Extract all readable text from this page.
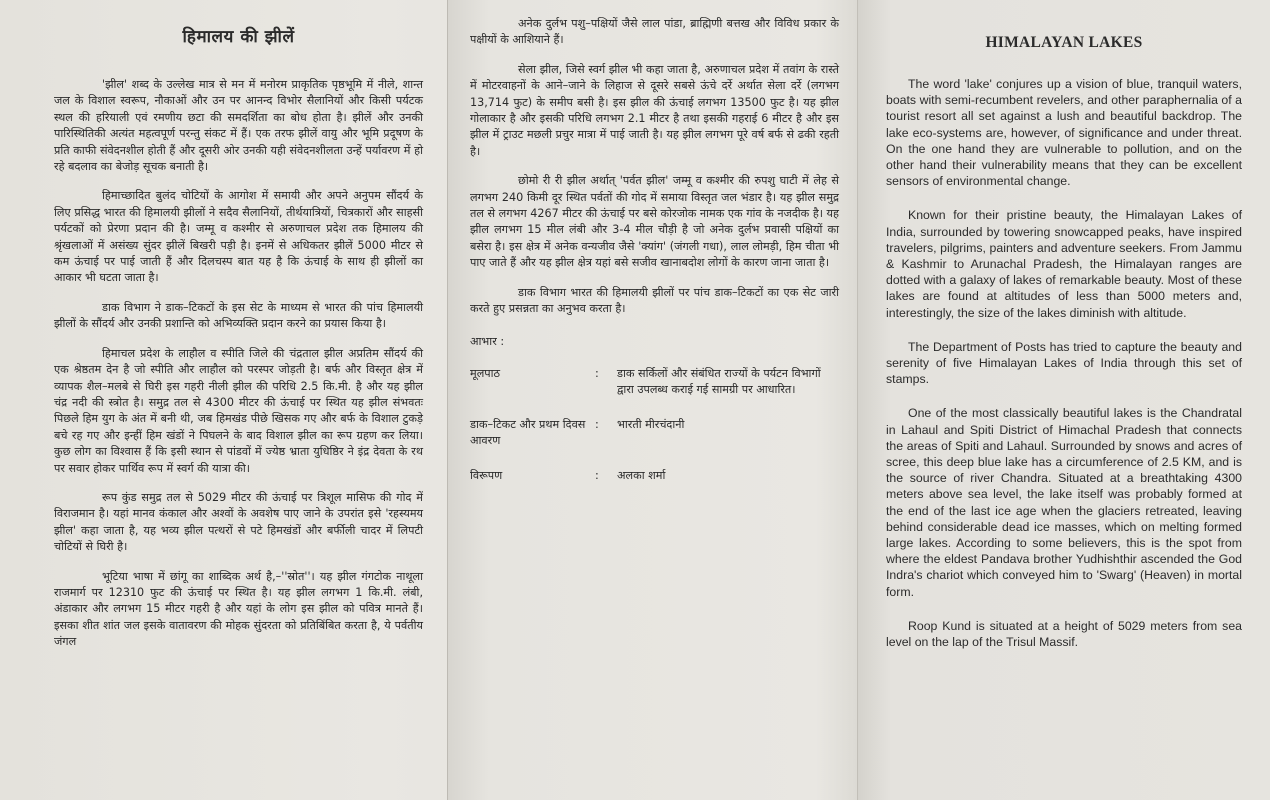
हिमालय की झीलें

'झील' शब्द के उल्लेख मात्र से मन में मनोरम प्राकृतिक पृष्ठभूमि में नीले, शान्त जल के विशाल स्वरूप, नौकाओं और उन पर आनन्द विभोर सैलानियों और किसी पर्यटक स्थल की हरियाली एवं रमणीय छटा की समदर्शिता का बोध होता है। झीलें और उनकी पारिस्थितिकी अत्यंत महत्वपूर्ण परन्तु संकट में हैं। एक तरफ झीलें वायु और भूमि प्रदूषण के प्रति काफी संवेदनशील होती हैं और दूसरी ओर उनकी यही संवेदनशीलता उन्हें पर्यावरण में हो रहे बदलाव का बेजोड़ सूचक बनाती है।

हिमाच्छादित बुलंद चोटियों के आगोश में समायी और अपने अनुपम सौंदर्य के लिए प्रसिद्ध भारत की हिमालयी झीलों ने सदैव सैलानियों, तीर्थयात्रियों, चित्रकारों और साहसी पर्यटकों को प्रेरणा प्रदान की है। जम्मू व कश्मीर से अरुणाचल प्रदेश तक हिमालय की श्रृंखलाओं में असंख्य सुंदर झीलें बिखरी पड़ी है। इनमें से अधिकतर झीलें 5000 मीटर से कम ऊंचाई पर पाई जाती हैं और दिलचस्प बात यह है कि ऊंचाई के साथ ही झीलों का आकार भी घटता जाता है।

डाक विभाग ने डाक–टिकटों के इस सेट के माध्यम से भारत की पांच हिमालयी झीलों के सौंदर्य और उनकी प्रशान्ति को अभिव्यक्ति प्रदान करने का प्रयास किया है।

हिमाचल प्रदेश के लाहौल व स्पीति जिले की चंद्रताल झील अप्रतिम सौंदर्य की एक श्रेष्ठतम देन है जो स्पीति और लाहौल को परस्पर जोड़ती है। बर्फ और विस्तृत क्षेत्र में व्यापक शैल–मलबे से घिरी इस गहरी नीली झील की परिधि 2.5 कि.मी. है और यह झील चंद्र नदी की स्त्रोत है। समुद्र तल से 4300 मीटर की ऊंचाई पर स्थित यह झील संभवतः पिछले हिम युग के अंत में बनी थी, जब हिमखंड पीछे खिसक गए और बर्फ के विशाल टुकड़े बचे रह गए और इन्हीं हिम खंडों ने पिघलने के बाद विशाल झील का रूप ग्रहण कर लिया। कुछ लोग का विश्वास हैं कि इसी स्थान से पांडवों में ज्येष्ठ भ्राता युधिष्ठिर ने इंद्र देवता के रथ पर सवार होकर पार्थिव रूप में स्वर्ग की यात्रा की।

रूप कुंड समुद्र तल से 5029 मीटर की ऊंचाई पर त्रिशूल मासिफ की गोद में विराजमान है। यहां मानव कंकाल और अश्वों के अवशेष पाए जाने के उपरांत इसे 'रहस्यमय झील' कहा जाता है, यह भव्य झील पत्थरों से पटे हिमखंडों और बर्फीली चादर में लिपटी चोटियों से घिरी है।

भूटिया भाषा में छांगू का शाब्दिक अर्थ है,–''स्रोत''। यह झील गंगटोक नाथूला राजमार्ग पर 12310 फुट की ऊंचाई पर स्थित है। यह झील लगभग 1 कि.मी. लंबी, अंडाकार और लगभग 15 मीटर गहरी है और यहां के लोग इस झील को पवित्र मानते हैं। इसका शीत शांत जल इसके वातावरण की मोहक सुंदरता को प्रतिबिंबित करता है, ये पर्वतीय जंगल

अनेक दुर्लभ पशु–पक्षियों जैसे लाल पांडा, ब्राह्मिणी बत्तख और विविध प्रकार के पक्षीयों के आशियाने हैं।

सेला झील, जिसे स्वर्ग झील भी कहा जाता है, अरुणाचल प्रदेश में तवांग के रास्ते में मोटरवाहनों के आने–जाने के लिहाज से दूसरे सबसे ऊंचे दर्रे अर्थात सेला दर्रे (लगभग 13,714 फुट) के समीप बसी है। इस झील की ऊंचाई लगभग 13500 फुट है। यह झील गोलाकार है और इसकी परिधि लगभग 2.1 मीटर है तथा इसकी गहराई 6 मीटर है और इस झील में ट्राउट मछली प्रचुर मात्रा में पाई जाती है। यह झील लगभग पूरे वर्ष बर्फ से ढकी रहती है।

छोमो री री झील अर्थात् 'पर्वत झील' जम्मू व कश्मीर की रुपशु घाटी में लेह से लगभग 240 किमी दूर स्थित पर्वतों की गोद में समाया विस्तृत जल भंडार है। यह झील समुद्र तल से लगभग 4267 मीटर की ऊंचाई पर बसे कोरजोक नामक एक गांव के नजदीक है। यह झील लगभग 15 मील लंबी और 3-4 मील चौड़ी है जो अनेक दुर्लभ प्रवासी पक्षियों का बसेरा है। इस क्षेत्र में अनेक वन्यजीव जैसे 'क्यांग' (जंगली गधा), लाल लोमड़ी, हिम चीता भी पाए जाते हैं और यह झील क्षेत्र यहां बसे सजीव खानाबदोश लोगों के कारण जाना जाता है।

डाक विभाग भारत की हिमालयी झीलों पर पांच डाक–टिकटों का एक सेट जारी करते हुए प्रसन्नता का अनुभव करता है।

आभार :
मूलपाठ	:	डाक सर्किलों और संबंधित राज्यों के पर्यटन विभागों द्वारा उपलब्ध कराई गई सामग्री पर आधारित।
डाक–टिकट और प्रथम दिवस आवरण
:	भारती मीरचंदानी
विरूपण	:	अलका शर्मा
HIMALAYAN LAKES

The word 'lake' conjures up a vision of blue, tranquil waters, boats with semi-recumbent revelers, and other paraphernalia of a tourist resort all set against a lush and beautiful backdrop. The lake eco-systems are, however, of significance and under threat. On the one hand they are vulnerable to pollution, and on the other hand their vulnerability means that they can be excellent sensors of environmental change.

Known for their pristine beauty, the Himalayan Lakes of India, surrounded by towering snowcapped peaks, have inspired travelers, pilgrims, painters and adventure seekers. From Jammu & Kashmir to Arunachal Pradesh, the Himalayan ranges are dotted with a galaxy of lakes of remarkable beauty. Most of these lakes are found at altitudes of less than 5000 meters and, interestingly, the size of the lakes diminish with altitude.

The Department of Posts has tried to capture the beauty and serenity of five Himalayan Lakes of India through this set of stamps.

One of the most classically beautiful lakes is the Chandratal in Lahaul and Spiti District of Himachal Pradesh that connects the areas of Spiti and Lahaul. Surrounded by snows and acres of scree, this deep blue lake has a circumference of 2.5 KM, and is the source of river Chandra. Situated at a breathtaking 4300 meters above sea level, the lake itself was probably formed at the end of the last ice age when the glaciers retreated, leaving behind considerable dead ice masses, which on melting formed large lakes. According to some believers, this is the spot from where the eldest Pandava brother Yudhishthir ascended the God Indra's chariot which conveyed him to 'Swarg' (Heaven) in mortal form.

Roop Kund is situated at a height of 5029 meters from sea level on the lap of the Trisul Massif.
